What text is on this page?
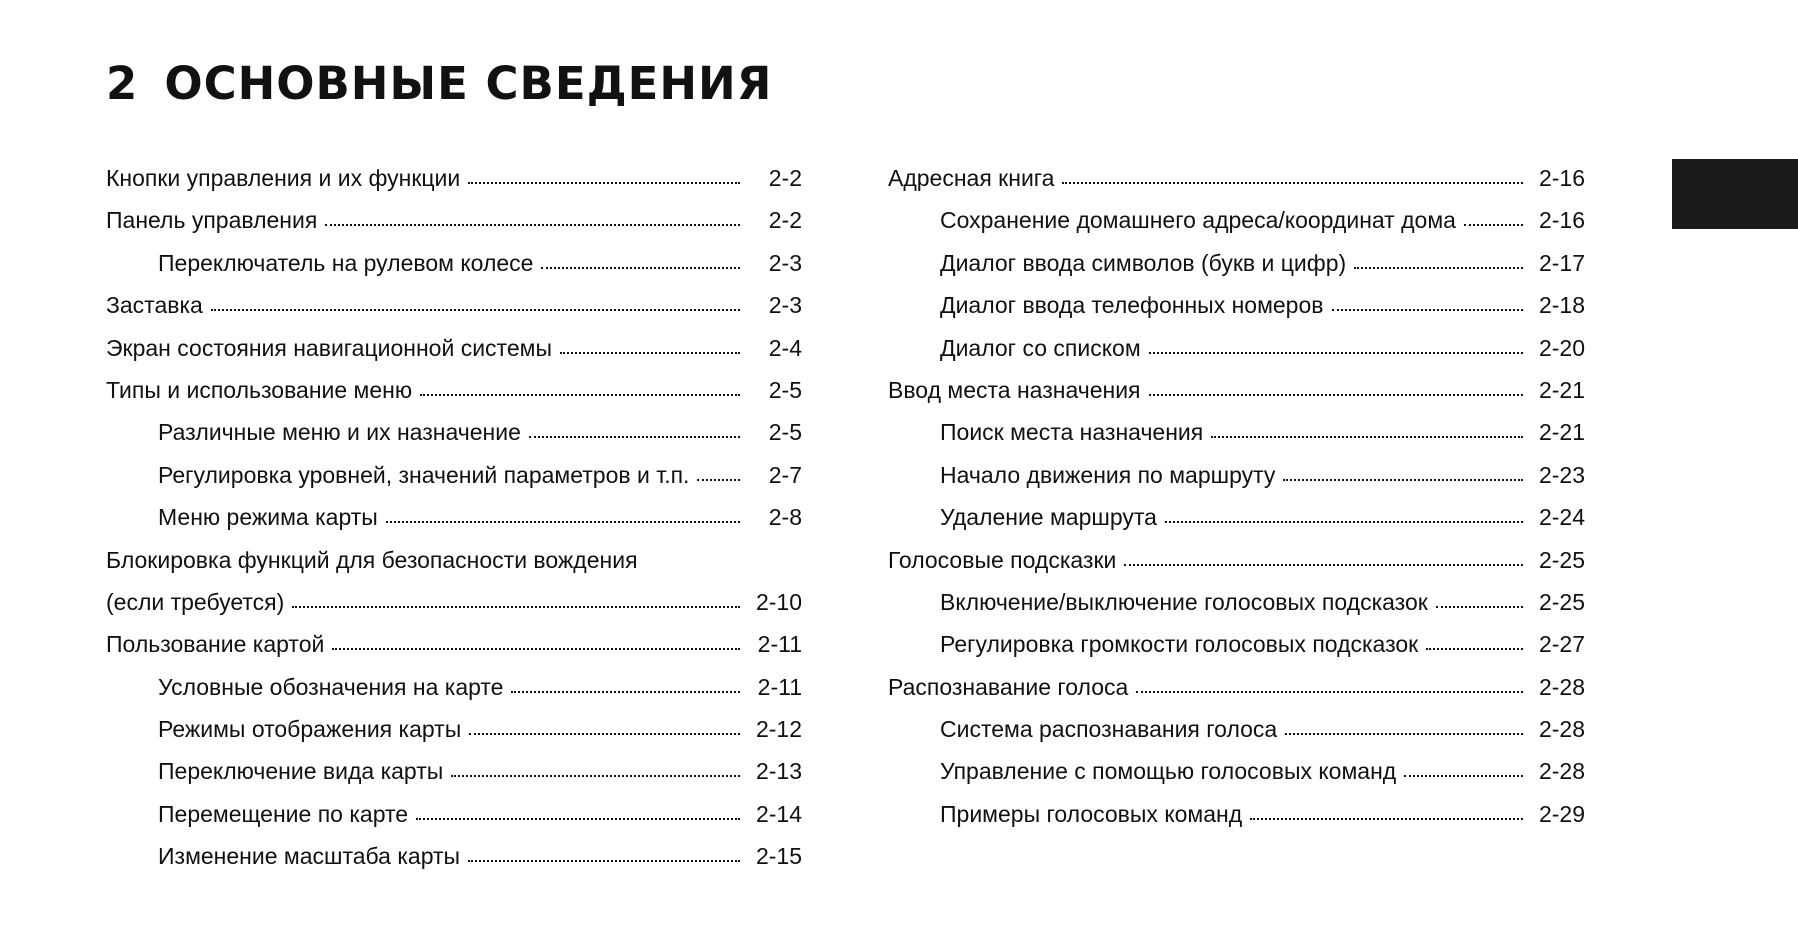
2 ОСНОВНЫЕ СВЕДЕНИЯ
Кнопки управления и их функции	2-2
Панель управления	2-2
Переключатель на рулевом колесе	2-3
Заставка	2-3
Экран состояния навигационной системы	2-4
Типы и использование меню	2-5
Различные меню и их назначение	2-5
Регулировка уровней, значений параметров и т.п.	2-7
Меню режима карты	2-8
Блокировка функций для безопасности вождения
(если требуется)	2-10
Пользование картой	2-11
Условные обозначения на карте	2-11
Режимы отображения карты	2-12
Переключение вида карты	2-13
Перемещение по карте	2-14
Изменение масштаба карты	2-15
Адресная книга	2-16
Сохранение домашнего адреса/координат дома	2-16
Диалог ввода символов (букв и цифр)	2-17
Диалог ввода телефонных номеров	2-18
Диалог со списком	2-20
Ввод места назначения	2-21
Поиск места назначения	2-21
Начало движения по маршруту	2-23
Удаление маршрута	2-24
Голосовые подсказки	2-25
Включение/выключение голосовых подсказок	2-25
Регулировка громкости голосовых подсказок	2-27
Распознавание голоса	2-28
Система распознавания голоса	2-28
Управление с помощью голосовых команд	2-28
Примеры голосовых команд	2-29
